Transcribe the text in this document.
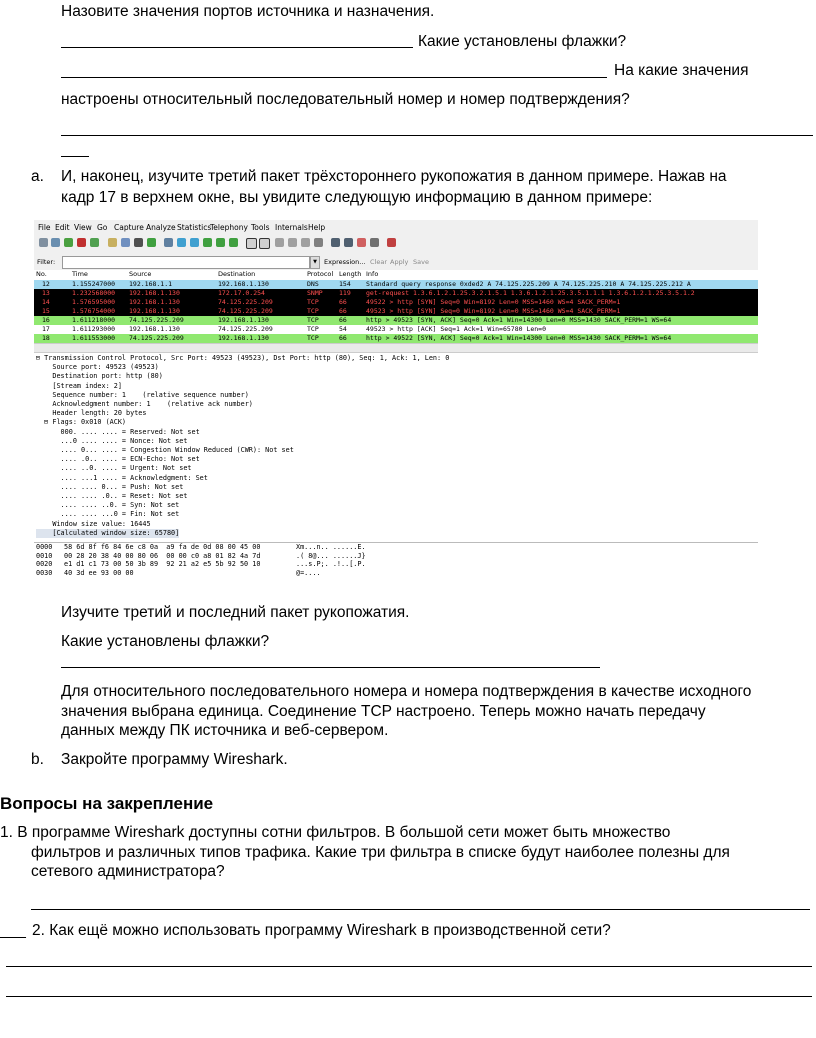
Назовите значения портов источника и назначения.
Какие установлены флажки?
На какие значения
настроены относительный последовательный номер и номер подтверждения?
a. И, наконец, изучите третий пакет трёхстороннего рукопожатия в данном примере. Нажав на
кадр 17 в верхнем окне, вы увидите следующую информацию в данном примере:
File Edit View Go Capture Analyze Statistics
Telephony Tools Internals Help
Filter:	▼	Expression... Clear Apply Save
No.	Time	Source	Destination	Protocol Length Info
12	1.155247000 192.168.1.1	192.168.1.130	DNS	154 Standard query response 0xded2 A 74.125.225.209 A 74.125.225.210 A 74.125.225.212 A
13	1.232568000 192.168.1.130	172.17.0.254	SNMP	119 get-request 1.3.6.1.2.1.25.3.2.1.5.1 1.3.6.1.2.1.25.3.5.1.1.1 1.3.6.1.2.1.25.3.5.1.2
14	1.576595000 192.168.1.130	74.125.225.209	TCP	66	49522 > http [SYN] Seq=0 Win=8192 Len=0 MSS=1460 WS=4 SACK_PERM=1
15	1.576754000 192.168.1.130	74.125.225.209	TCP	66	49523 > http [SYN] Seq=0 Win=8192 Len=0 MSS=1460 WS=4 SACK_PERM=1
16	1.611218000 74.125.225.209	192.168.1.130	TCP	66	http > 49523 [SYN, ACK] Seq=0 Ack=1 Win=14300 Len=0 MSS=1430 SACK_PERM=1 WS=64
17	1.611293000 192.168.1.130	74.125.225.209	TCP	54	49523 > http [ACK] Seq=1 Ack=1 Win=65780 Len=0
18	1.611553000 74.125.225.209	192.168.1.130	TCP	66	http > 49522 [SYN, ACK] Seq=0 Ack=1 Win=14300 Len=0 MSS=1430 SACK_PERM=1 WS=64
⊟ Transmission Control Protocol, Src Port: 49523 (49523), Dst Port: http (80), Seq: 1, Ack: 1, Len: 0
Source port: 49523 (49523)
Destination port: http (80)
[Stream index: 2]
Sequence number: 1    (relative sequence number)
Acknowledgment number: 1    (relative ack number)
Header length: 20 bytes
⊟ Flags: 0x010 (ACK)
000. .... .... = Reserved: Not set
...0 .... .... = Nonce: Not set
.... 0... .... = Congestion Window Reduced (CWR): Not set
.... .0.. .... = ECN-Echo: Not set
.... ..0. .... = Urgent: Not set
.... ...1 .... = Acknowledgment: Set
.... .... 0... = Push: Not set
.... .... .0.. = Reset: Not set
.... .... ..0. = Syn: Not set
.... .... ...0 = Fin: Not set
Window size value: 16445
[Calculated window size: 65780]
0000 58 6d 8f f6 84 6e c8 0a  a9 fa de 0d 08 00 45 00	Xm...n.. ......E.
0010 00 28 20 38 40 00 80 06  00 00 c0 a8 01 82 4a 7d	.( 8@... ......J}
0020 e1 d1 c1 73 00 50 3b 89  92 21 a2 e5 5b 92 50 10	...s.P;. .!..[.P.
0030 40 3d ee 93 00 00	@=....
Изучите третий и последний пакет рукопожатия.
Какие установлены флажки?
Для относительного последовательного номера и номера подтверждения в качестве исходного
значения выбрана единица. Соединение TCP настроено. Теперь можно начать передачу
данных между ПК источника и веб-сервером.
b. Закройте программу Wireshark.
Вопросы на закрепление
1. В программе Wireshark доступны сотни фильтров. В большой сети может быть множество
фильтров и различных типов трафика. Какие три фильтра в списке будут наиболее полезны для
сетевого администратора?
___ 2. Как ещё можно использовать программу Wireshark в производственной сети?
